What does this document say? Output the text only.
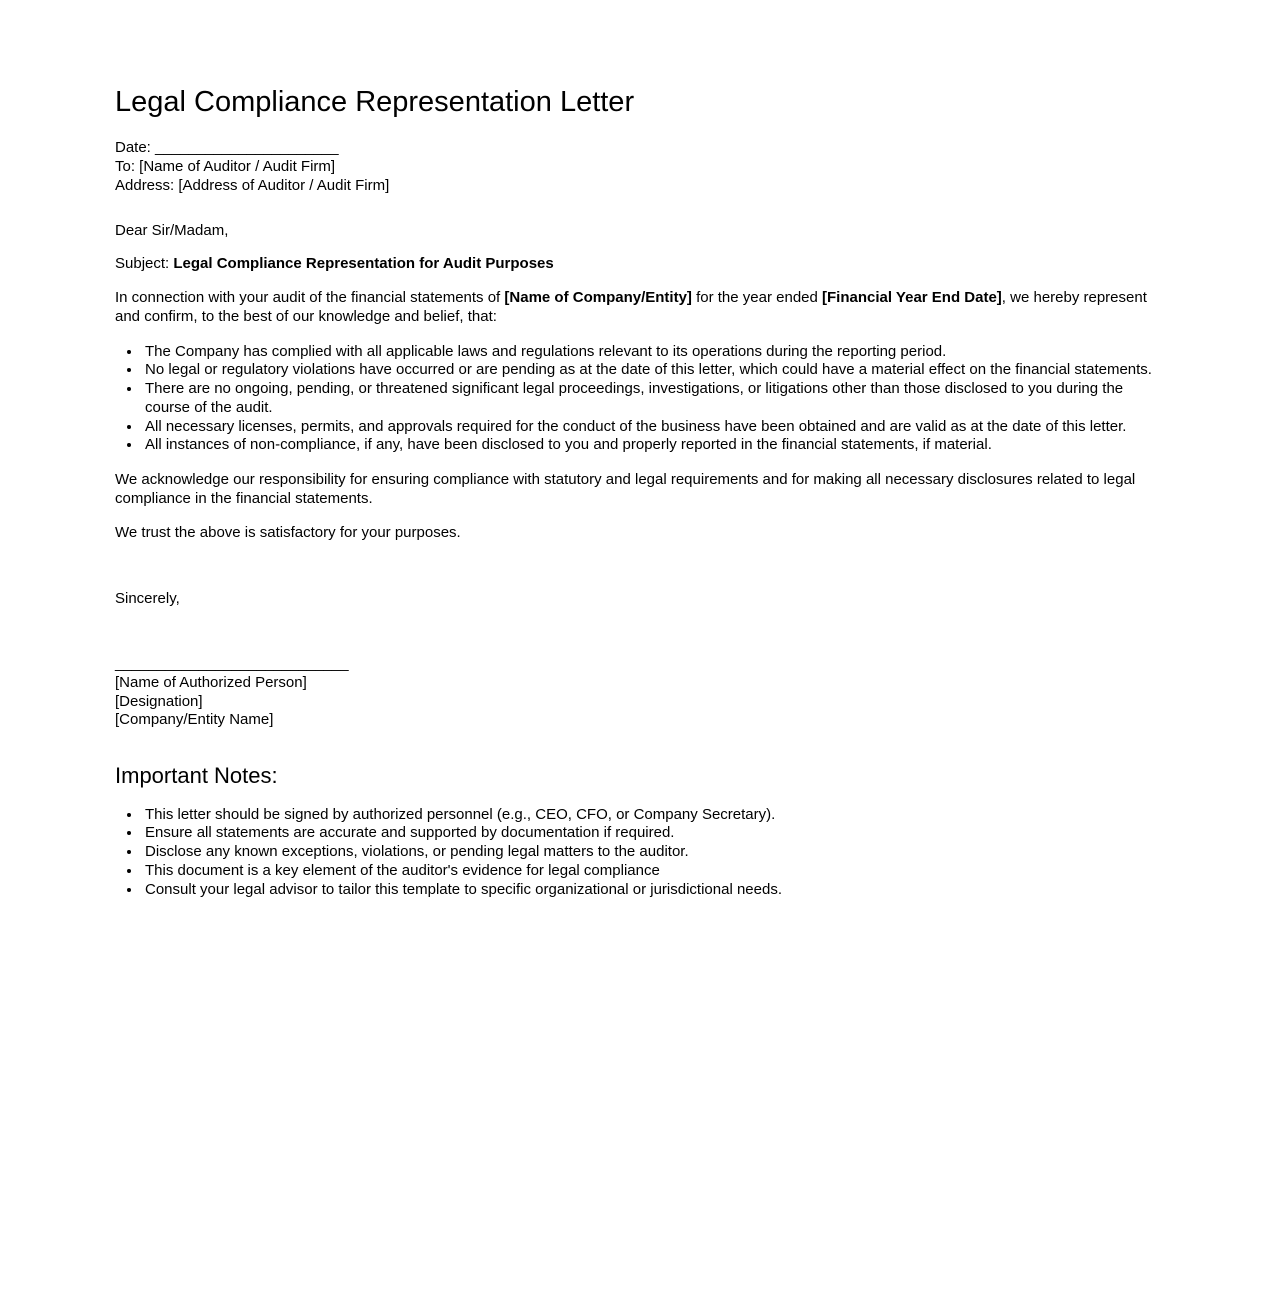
Legal Compliance Representation Letter
Date: ______________________
To: [Name of Auditor / Audit Firm]
Address: [Address of Auditor / Audit Firm]

Dear Sir/Madam,

Subject: Legal Compliance Representation for Audit Purposes

In connection with your audit of the financial statements of [Name of Company/Entity] for the year ended [Financial Year End Date], we hereby represent and confirm, to the best of our knowledge and belief, that:

• The Company has complied with all applicable laws and regulations relevant to its operations during the reporting period.
• No legal or regulatory violations have occurred or are pending as at the date of this letter, which could have a material effect on the financial statements.
• There are no ongoing, pending, or threatened significant legal proceedings, investigations, or litigations other than those disclosed to you during the course of the audit.
• All necessary licenses, permits, and approvals required for the conduct of the business have been obtained and are valid as at the date of this letter.
• All instances of non-compliance, if any, have been disclosed to you and properly reported in the financial statements, if material.

We acknowledge our responsibility for ensuring compliance with statutory and legal requirements and for making all necessary disclosures related to legal compliance in the financial statements.

We trust the above is satisfactory for your purposes.

Sincerely,

____________________________
[Name of Authorized Person]
[Designation]
[Company/Entity Name]
Important Notes:
• This letter should be signed by authorized personnel (e.g., CEO, CFO, or Company Secretary).
• Ensure all statements are accurate and supported by documentation if required.
• Disclose any known exceptions, violations, or pending legal matters to the auditor.
• This document is a key element of the auditor's evidence for legal compliance
• Consult your legal advisor to tailor this template to specific organizational or jurisdictional needs.
